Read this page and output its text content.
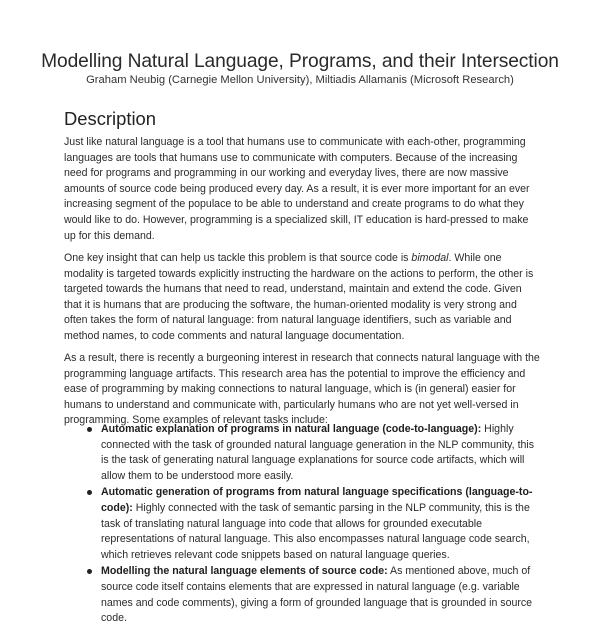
Modelling Natural Language, Programs, and their Intersection
Graham Neubig (Carnegie Mellon University), Miltiadis Allamanis (Microsoft Research)
Description

Just like natural language is a tool that humans use to communicate with each-other, programming languages are tools that humans use to communicate with computers. Because of the increasing need for programs and programming in our working and everyday lives, there are now massive amounts of source code being produced every day. As a result, it is ever more important for an ever increasing segment of the populace to be able to understand and create programs to do what they would like to do. However, programming is a specialized skill, IT education is hard-pressed to make up for this demand.

One key insight that can help us tackle this problem is that source code is bimodal. While one modality is targeted towards explicitly instructing the hardware on the actions to perform, the other is targeted towards the humans that need to read, understand, maintain and extend the code. Given that it is humans that are producing the software, the human-oriented modality is very strong and often takes the form of natural language: from natural language identifiers, such as variable and method names, to code comments and natural language documentation.

As a result, there is recently a burgeoning interest in research that connects natural language with the programming language artifacts. This research area has the potential to improve the efficiency and ease of programming by making connections to natural language, which is (in general) easier for humans to understand and communicate with, particularly humans who are not yet well-versed in programming. Some examples of relevant tasks include:

Automatic explanation of programs in natural language (code-to-language): Highly connected with the task of grounded natural language generation in the NLP community, this is the task of generating natural language explanations for source code artifacts, which will allow them to be understood more easily.
Automatic generation of programs from natural language specifications (language-to-code): Highly connected with the task of semantic parsing in the NLP community, this is the task of translating natural language into code that allows for grounded executable representations of natural language. This also encompasses natural language code search, which retrieves relevant code snippets based on natural language queries.
Modelling the natural language elements of source code: As mentioned above, much of source code itself contains elements that are expressed in natural language (e.g. variable names and code comments), giving a form of grounded language that is grounded in source code.
